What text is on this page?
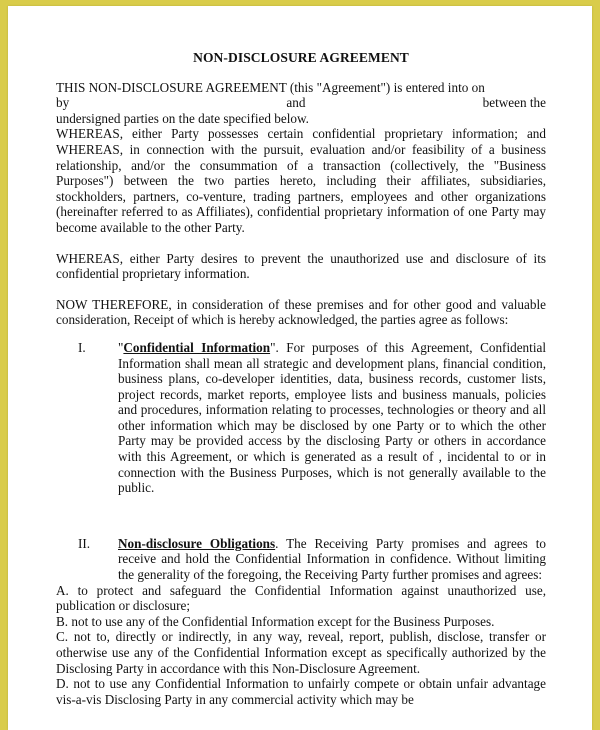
NON-DISCLOSURE AGREEMENT

THIS NON-DISCLOSURE AGREEMENT (this "Agreement") is entered into on

by	and	between the

undersigned parties on the date specified below.

WHEREAS, either Party possesses certain confidential proprietary information; and WHEREAS, in connection with the pursuit, evaluation and/or feasibility of a business relationship, and/or the consummation of a transaction (collectively, the "Business Purposes") between the two parties hereto, including their affiliates, subsidiaries, stockholders, partners, co-venture, trading partners, employees and other organizations (hereinafter referred to as Affiliates), confidential proprietary information of one Party may become available to the other Party.

WHEREAS, either Party desires to prevent the unauthorized use and disclosure of its confidential proprietary information.

NOW THEREFORE, in consideration of these premises and for other good and valuable consideration, Receipt of which is hereby acknowledged, the parties agree as follows:

I.	"Confidential Information". For purposes of this Agreement, Confidential Information shall mean all strategic and development plans, financial condition, business plans, co-developer identities, data, business records, customer lists, project records, market reports, employee lists and business manuals, policies and procedures, information relating to processes, technologies or theory and all other information which may be disclosed by one Party or to which the other Party may be provided access by the disclosing Party or others in accordance with this Agreement, or which is generated as a result of , incidental to or in connection with the Business Purposes, which is not generally available to the public.
II.	Non-disclosure Obligations. The Receiving Party promises and agrees to receive and hold the Confidential Information in confidence. Without limiting the generality of the foregoing, the Receiving Party further promises and agrees:

A. to protect and safeguard the Confidential Information against unauthorized use, publication or disclosure;

B. not to use any of the Confidential Information except for the Business Purposes.

C. not to, directly or indirectly, in any way, reveal, report, publish, disclose, transfer or otherwise use any of the Confidential Information except as specifically authorized by the Disclosing Party in accordance with this Non-Disclosure Agreement.

D. not to use any Confidential Information to unfairly compete or obtain unfair advantage vis-a-vis Disclosing Party in any commercial activity which may be
